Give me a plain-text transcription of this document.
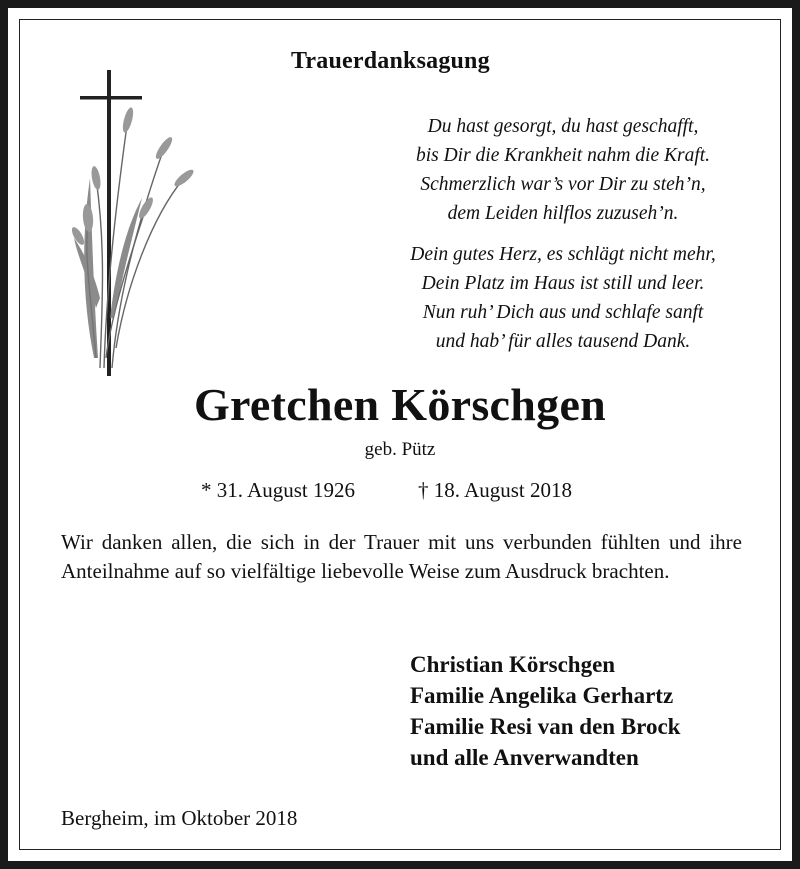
Trauerdanksagung
Du hast gesorgt, du hast geschafft,
bis Dir die Krankheit nahm die Kraft.
Schmerzlich war’s vor Dir zu steh’n,
dem Leiden hilflos zuzuseh’n.
Dein gutes Herz, es schlägt nicht mehr,
Dein Platz im Haus ist still und leer.
Nun ruh’ Dich aus und schlafe sanft
und hab’ für alles tausend Dank.
Gretchen Körschgen
geb. Pütz
* 31. August 1926	† 18. August 2018
Wir danken allen, die sich in der Trauer mit uns verbunden fühlten und ihre Anteilnahme auf so vielfältige liebevolle Weise zum Ausdruck brachten.
Christian Körschgen
Familie Angelika Gerhartz
Familie Resi van den Brock
und alle Anverwandten
Bergheim, im Oktober 2018
